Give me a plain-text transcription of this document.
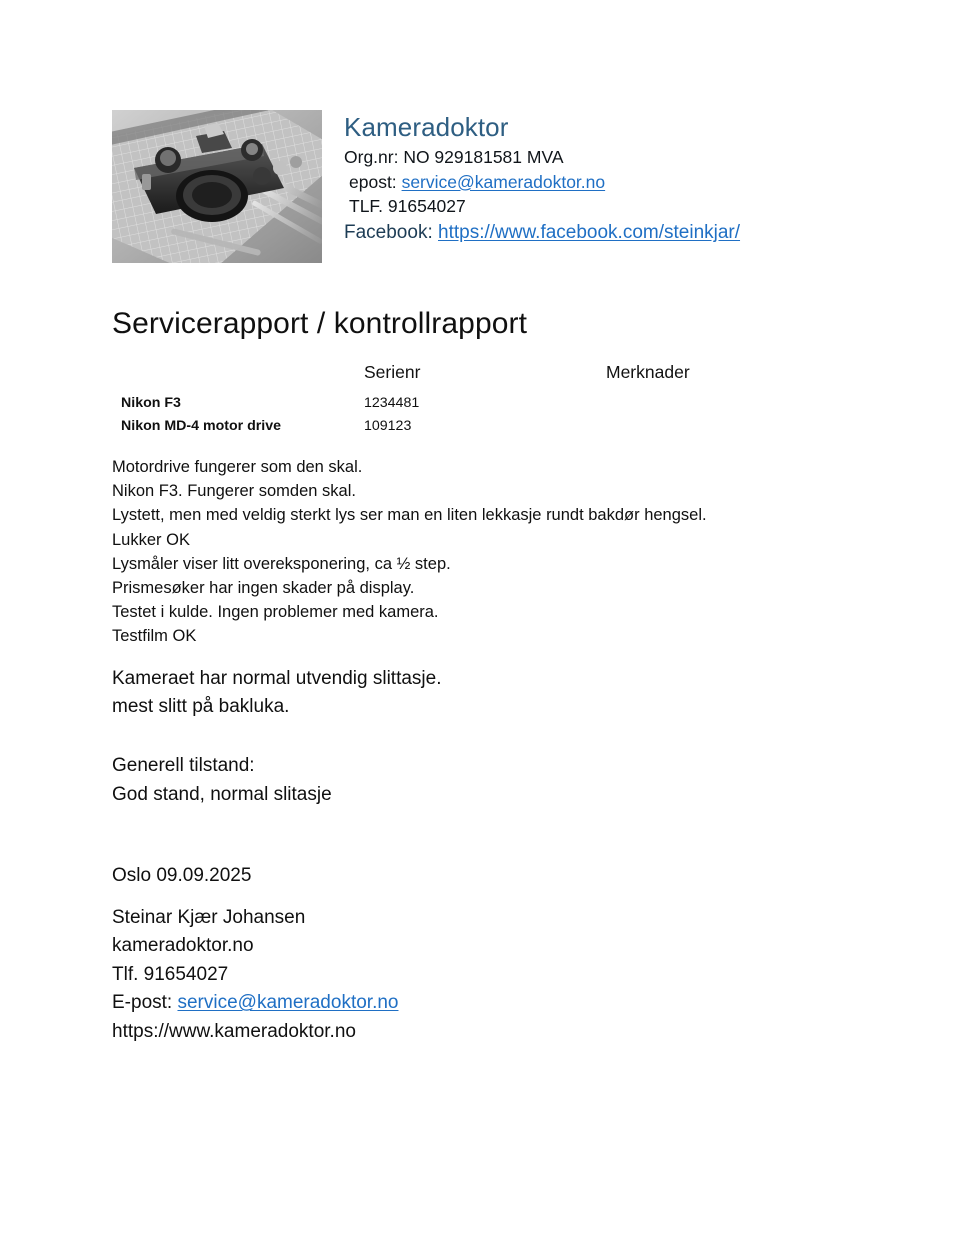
Kameradoktor
Org.nr: NO 929181581 MVA
epost: service@kameradoktor.no
TLF. 91654027
Facebook: https://www.facebook.com/steinkjar/
Servicerapport / kontrollrapport
	Serienr	Merknader
Nikon F3	1234481	
Nikon MD-4 motor drive	109123	
Motordrive fungerer som den skal.
Nikon F3. Fungerer somden skal.
Lystett, men med veldig sterkt lys ser man en liten lekkasje rundt bakdør hengsel.
Lukker OK
Lysmåler viser litt overeksponering, ca ½ step.
Prismesøker har ingen skader på display.
Testet i kulde. Ingen problemer med kamera.
Testfilm OK
Kameraet har normal utvendig slittasje.
mest slitt på bakluka.
Generell tilstand:
God stand, normal slitasje
Oslo 09.09.2025
Steinar Kjær Johansen
kameradoktor.no
Tlf. 91654027
E-post: service@kameradoktor.no
https://www.kameradoktor.no
